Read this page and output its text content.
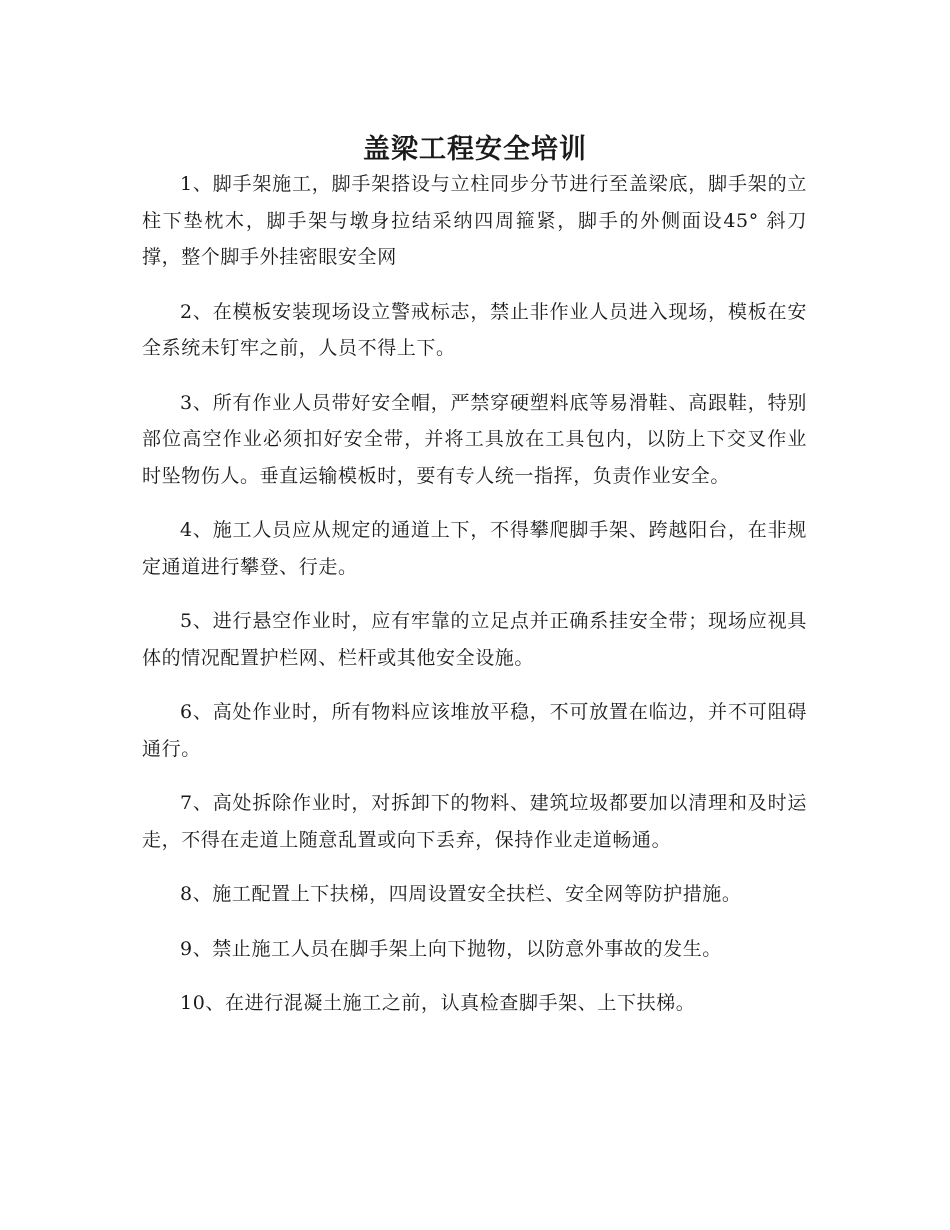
盖梁工程安全培训

1、脚手架施工，脚手架搭设与立柱同步分节进行至盖梁底，脚手架的立柱下垫枕木，脚手架与墩身拉结采纳四周箍紧，脚手的外侧面设45° 斜刀撑，整个脚手外挂密眼安全网

2、在模板安装现场设立警戒标志，禁止非作业人员进入现场，模板在安全系统未钉牢之前，人员不得上下。

3、所有作业人员带好安全帽，严禁穿硬塑料底等易滑鞋、高跟鞋，特别部位高空作业必须扣好安全带，并将工具放在工具包内，以防上下交叉作业时坠物伤人。垂直运输模板时，要有专人统一指挥，负责作业安全。

4、施工人员应从规定的通道上下，不得攀爬脚手架、跨越阳台，在非规定通道进行攀登、行走。

5、进行悬空作业时，应有牢靠的立足点并正确系挂安全带；现场应视具体的情况配置护栏网、栏杆或其他安全设施。

6、高处作业时，所有物料应该堆放平稳，不可放置在临边，并不可阻碍通行。

7、高处拆除作业时，对拆卸下的物料、建筑垃圾都要加以清理和及时运走，不得在走道上随意乱置或向下丢弃，保持作业走道畅通。

8、施工配置上下扶梯，四周设置安全扶栏、安全网等防护措施。

9、禁止施工人员在脚手架上向下抛物，以防意外事故的发生。

10、在进行混凝土施工之前，认真检查脚手架、上下扶梯。
